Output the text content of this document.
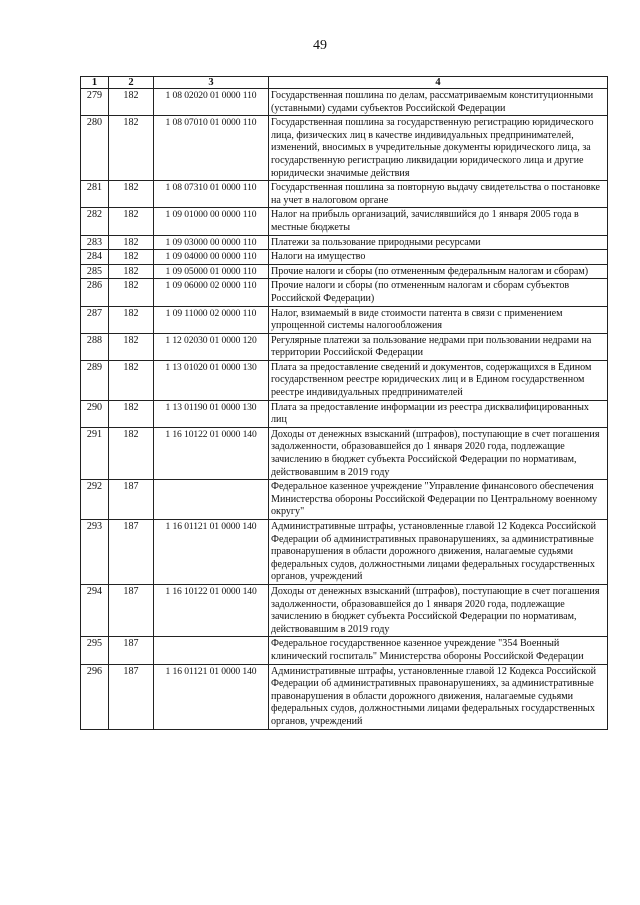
49
1	2	3	4
279	182	1 08 02020 01 0000 110	Государственная пошлина по делам, рассматриваемым конституционными (уставными) судами субъектов Российской Федерации
280	182	1 08 07010 01 0000 110	Государственная пошлина за государственную регистрацию юридического лица, физических лиц в качестве индивидуальных предпринимателей, изменений, вносимых в учредительные документы юридического лица, за государственную регистрацию ликвидации юридического лица и другие юридически значимые действия
281	182	1 08 07310 01 0000 110	Государственная пошлина за повторную выдачу свидетельства о постановке на учет в налоговом органе
282	182	1 09 01000 00 0000 110	Налог на прибыль организаций, зачислявшийся до 1 января 2005 года в местные бюджеты
283	182	1 09 03000 00 0000 110	Платежи за пользование природными ресурсами
284	182	1 09 04000 00 0000 110	Налоги на имущество
285	182	1 09 05000 01 0000 110	Прочие налоги и сборы (по отмененным федеральным налогам и сборам)
286	182	1 09 06000 02 0000 110	Прочие налоги и сборы (по отмененным налогам и сборам субъектов Российской Федерации)
287	182	1 09 11000 02 0000 110	Налог, взимаемый в виде стоимости патента в связи с применением упрощенной системы налогообложения
288	182	1 12 02030 01 0000 120	Регулярные платежи за пользование недрами при пользовании недрами на территории Российской Федерации
289	182	1 13 01020 01 0000 130	Плата за предоставление сведений и документов, содержащихся в Едином государственном реестре юридических лиц и в Едином государственном реестре индивидуальных предпринимателей
290	182	1 13 01190 01 0000 130	Плата за предоставление информации из реестра дисквалифицированных лиц
291	182	1 16 10122 01 0000 140	Доходы от денежных взысканий (штрафов), поступающие в счет погашения задолженности, образовавшейся до 1 января 2020 года, подлежащие зачислению в бюджет субъекта Российской Федерации по нормативам, действовавшим в 2019 году
292	187		Федеральное казенное учреждение "Управление финансового обеспечения Министерства обороны Российской Федерации по Центральному военному округу"
293	187	1 16 01121 01 0000 140	Административные штрафы, установленные главой 12 Кодекса Российской Федерации об административных правонарушениях, за административные правонарушения в области дорожного движения, налагаемые судьями федеральных судов, должностными лицами федеральных государственных органов, учреждений
294	187	1 16 10122 01 0000 140	Доходы от денежных взысканий (штрафов), поступающие в счет погашения задолженности, образовавшейся до 1 января 2020 года, подлежащие зачислению в бюджет субъекта Российской Федерации по нормативам, действовавшим в 2019 году
295	187		Федеральное государственное казенное учреждение "354 Военный клинический госпиталь" Министерства обороны Российской Федерации
296	187	1 16 01121 01 0000 140	Административные штрафы, установленные главой 12 Кодекса Российской Федерации об административных правонарушениях, за административные правонарушения в области дорожного движения, налагаемые судьями федеральных судов, должностными лицами федеральных государственных органов, учреждений
